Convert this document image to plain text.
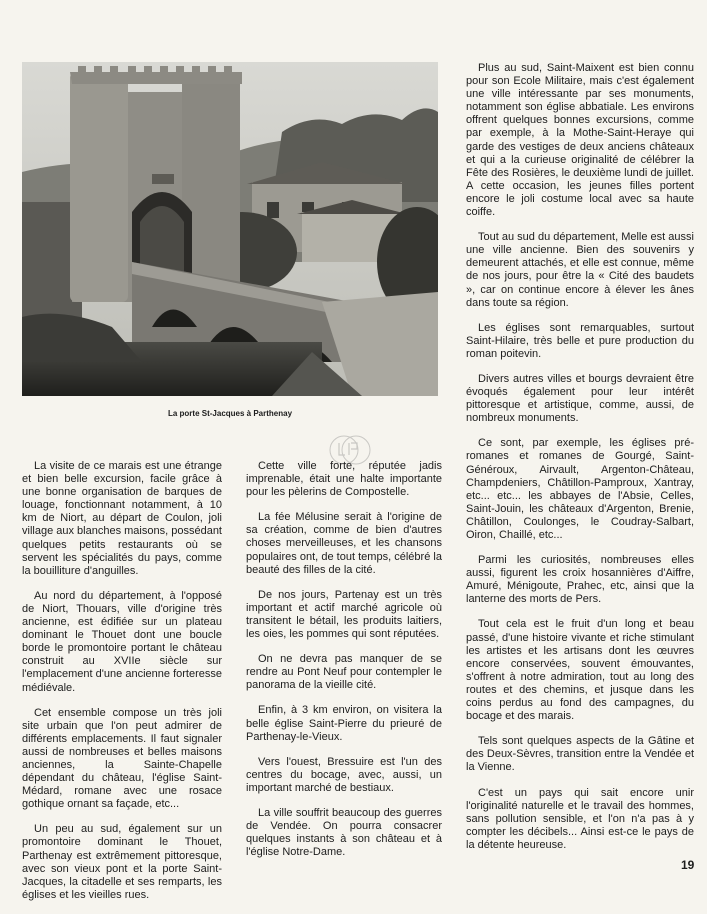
La porte St-Jacques à Parthenay

La visite de ce marais est une étrange et bien belle excursion, facile grâce à une bonne organisation de barques de louage, fonctionnant notamment, à 10 km de Niort, au départ de Coulon, joli village aux blanches maisons, possédant quelques petits restaurants où se servent les spécialités du pays, comme la bouilliture d'anguilles.

Au nord du département, à l'opposé de Niort, Thouars, ville d'origine très ancienne, est édifiée sur un plateau dominant le Thouet dont une boucle borde le promontoire portant le château construit au XVIIe siècle sur l'emplacement d'une ancienne forteresse médiévale.

Cet ensemble compose un très joli site urbain que l'on peut admirer de différents emplacements. Il faut signaler aussi de nombreuses et belles maisons anciennes, la Sainte-Chapelle dépendant du château, l'église Saint-Médard, romane avec une rosace gothique ornant sa façade, etc...

Un peu au sud, également sur un promontoire dominant le Thouet, Parthenay est extrêmement pittoresque, avec son vieux pont et la porte Saint-Jacques, la citadelle et ses remparts, les églises et les vieilles rues.

Cette ville forte, réputée jadis imprenable, était une halte importante pour les pèlerins de Compostelle.

La fée Mélusine serait à l'origine de sa création, comme de bien d'autres choses merveilleuses, et les chansons populaires ont, de tout temps, célébré la beauté des filles de la cité.

De nos jours, Partenay est un très important et actif marché agricole où transitent le bétail, les produits laitiers, les oies, les pommes qui sont réputées.

On ne devra pas manquer de se rendre au Pont Neuf pour contempler le panorama de la vieille cité.

Enfin, à 3 km environ, on visitera la belle église Saint-Pierre du prieuré de Parthenay-le-Vieux.

Vers l'ouest, Bressuire est l'un des centres du bocage, avec, aussi, un important marché de bestiaux.

La ville souffrit beaucoup des guerres de Vendée. On pourra consacrer quelques instants à son château et à l'église Notre-Dame.

Plus au sud, Saint-Maixent est bien connu pour son Ecole Militaire, mais c'est également une ville intéressante par ses monuments, notamment son église abbatiale. Les environs offrent quelques bonnes excursions, comme par exemple, à la Mothe-Saint-Heraye qui garde des vestiges de deux anciens châteaux et qui a la curieuse originalité de célébrer la Fête des Rosières, le deuxième lundi de juillet. A cette occasion, les jeunes filles portent encore le joli costume local avec sa haute coiffe.

Tout au sud du département, Melle est aussi une ville ancienne. Bien des souvenirs y demeurent attachés, et elle est connue, même de nos jours, pour être la « Cité des baudets », car on continue encore à élever les ânes dans toute sa région.

Les églises sont remarquables, surtout Saint-Hilaire, très belle et pure production du roman poitevin.

Divers autres villes et bourgs devraient être évoqués également pour leur intérêt pittoresque et artistique, comme, aussi, de nombreux monuments.

Ce sont, par exemple, les églises pré-romanes et romanes de Gourgé, Saint-Généroux, Airvault, Argenton-Château, Champdeniers, Châtillon-Pamproux, Xantray, etc... etc... les abbayes de l'Absie, Celles, Saint-Jouin, les châteaux d'Argenton, Brenie, Châtillon, Coulonges, le Coudray-Salbart, Oiron, Chaillé, etc...

Parmi les curiosités, nombreuses elles aussi, figurent les croix hosannières d'Aiffre, Amuré, Ménigoute, Prahec, etc, ainsi que la lanterne des morts de Pers.

Tout cela est le fruit d'un long et beau passé, d'une histoire vivante et riche stimulant les artistes et les artisans dont les œuvres encore conservées, souvent émouvantes, s'offrent à notre admiration, tout au long des routes et des chemins, et jusque dans les coins perdus au fond des campagnes, du bocage et des marais.

Tels sont quelques aspects de la Gâtine et des Deux-Sèvres, transition entre la Vendée et la Vienne.

C'est un pays qui sait encore unir l'originalité naturelle et le travail des hommes, sans pollution sensible, et l'on n'a pas à y compter les décibels... Ainsi est-ce le pays de la détente heureuse.

19
